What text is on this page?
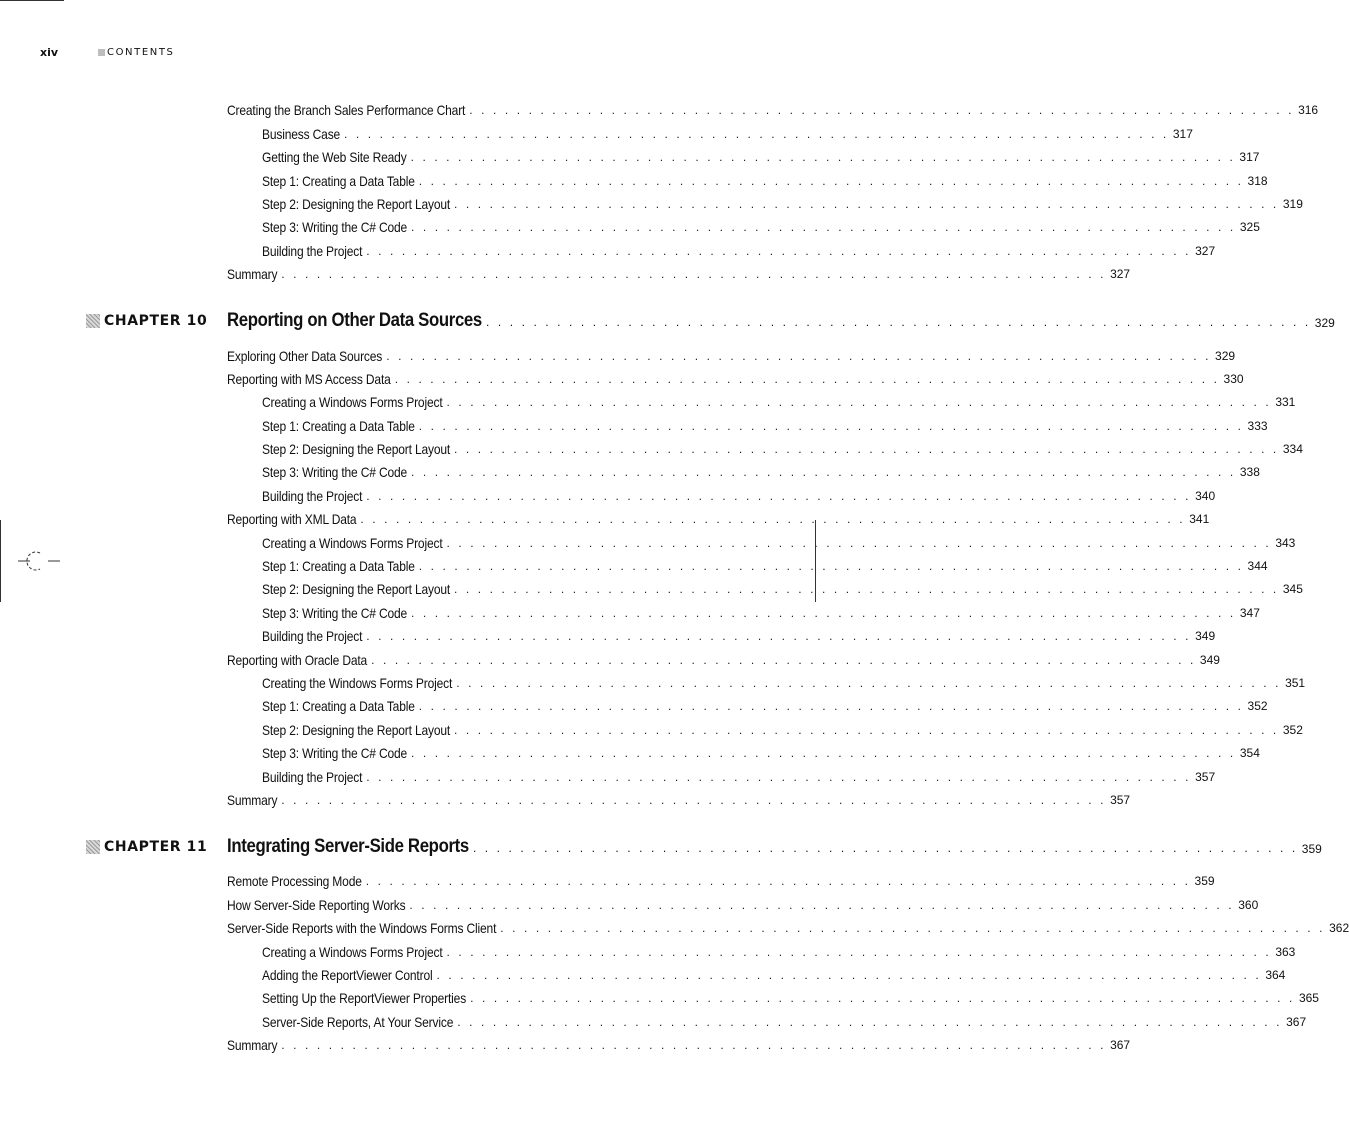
xiv	CONTENTS
Creating the Branch Sales Performance Chart . . . . . . . . . . . . . . . . . . . . . . . . . . . . . . . . . . . . . . . . . . . . . . . . . . . . . . . . . . . . . . . . . . . . . . 316
Business Case . . . . . . . . . . . . . . . . . . . . . . . . . . . . . . . . . . . . . . . . . . . . . . . . . . . . . . . . . . . . . . . . . . . . . . 317
Getting the Web Site Ready . . . . . . . . . . . . . . . . . . . . . . . . . . . . . . . . . . . . . . . . . . . . . . . . . . . . . . . . . . . . . . . . . . . . . . 317
Step 1: Creating a Data Table . . . . . . . . . . . . . . . . . . . . . . . . . . . . . . . . . . . . . . . . . . . . . . . . . . . . . . . . . . . . . . . . . . . . . . 318
Step 2: Designing the Report Layout . . . . . . . . . . . . . . . . . . . . . . . . . . . . . . . . . . . . . . . . . . . . . . . . . . . . . . . . . . . . . . . . . . . . . . 319
Step 3: Writing the C# Code . . . . . . . . . . . . . . . . . . . . . . . . . . . . . . . . . . . . . . . . . . . . . . . . . . . . . . . . . . . . . . . . . . . . . . 325
Building the Project . . . . . . . . . . . . . . . . . . . . . . . . . . . . . . . . . . . . . . . . . . . . . . . . . . . . . . . . . . . . . . . . . . . . . . 327
Summary . . . . . . . . . . . . . . . . . . . . . . . . . . . . . . . . . . . . . . . . . . . . . . . . . . . . . . . . . . . . . . . . . . . . . . 327
CHAPTER 10 Reporting on Other Data Sources . . . . . . . . . . . . . . . . . . . . . . . . . . . . . . . . . . . . . . . . . . . . . . . . . . . . . . . . . . . . . . . . . . . . . . 329
Exploring Other Data Sources . . . . . . . . . . . . . . . . . . . . . . . . . . . . . . . . . . . . . . . . . . . . . . . . . . . . . . . . . . . . . . . . . . . . . . 329
Reporting with MS Access Data . . . . . . . . . . . . . . . . . . . . . . . . . . . . . . . . . . . . . . . . . . . . . . . . . . . . . . . . . . . . . . . . . . . . . . 330
Creating a Windows Forms Project . . . . . . . . . . . . . . . . . . . . . . . . . . . . . . . . . . . . . . . . . . . . . . . . . . . . . . . . . . . . . . . . . . . . . . 331
Step 1: Creating a Data Table . . . . . . . . . . . . . . . . . . . . . . . . . . . . . . . . . . . . . . . . . . . . . . . . . . . . . . . . . . . . . . . . . . . . . . 333
Step 2: Designing the Report Layout . . . . . . . . . . . . . . . . . . . . . . . . . . . . . . . . . . . . . . . . . . . . . . . . . . . . . . . . . . . . . . . . . . . . . . 334
Step 3: Writing the C# Code . . . . . . . . . . . . . . . . . . . . . . . . . . . . . . . . . . . . . . . . . . . . . . . . . . . . . . . . . . . . . . . . . . . . . . 338
Building the Project . . . . . . . . . . . . . . . . . . . . . . . . . . . . . . . . . . . . . . . . . . . . . . . . . . . . . . . . . . . . . . . . . . . . . . 340
Reporting with XML Data . . . . . . . . . . . . . . . . . . . . . . . . . . . . . . . . . . . . . . . . . . . . . . . . . . . . . . . . . . . . . . . . . . . . . . 341
Creating a Windows Forms Project . . . . . . . . . . . . . . . . . . . . . . . . . . . . . . . . . . . . . . . . . . . . . . . . . . . . . . . . . . . . . . . . . . . . . . 343
Step 1: Creating a Data Table . . . . . . . . . . . . . . . . . . . . . . . . . . . . . . . . . . . . . . . . . . . . . . . . . . . . . . . . . . . . . . . . . . . . . . 344
Step 2: Designing the Report Layout . . . . . . . . . . . . . . . . . . . . . . . . . . . . . . . . . . . . . . . . . . . . . . . . . . . . . . . . . . . . . . . . . . . . . . 345
Step 3: Writing the C# Code . . . . . . . . . . . . . . . . . . . . . . . . . . . . . . . . . . . . . . . . . . . . . . . . . . . . . . . . . . . . . . . . . . . . . . 347
Building the Project . . . . . . . . . . . . . . . . . . . . . . . . . . . . . . . . . . . . . . . . . . . . . . . . . . . . . . . . . . . . . . . . . . . . . . 349
Reporting with Oracle Data . . . . . . . . . . . . . . . . . . . . . . . . . . . . . . . . . . . . . . . . . . . . . . . . . . . . . . . . . . . . . . . . . . . . . . 349
Creating the Windows Forms Project . . . . . . . . . . . . . . . . . . . . . . . . . . . . . . . . . . . . . . . . . . . . . . . . . . . . . . . . . . . . . . . . . . . . . . 351
Step 1: Creating a Data Table . . . . . . . . . . . . . . . . . . . . . . . . . . . . . . . . . . . . . . . . . . . . . . . . . . . . . . . . . . . . . . . . . . . . . . 352
Step 2: Designing the Report Layout . . . . . . . . . . . . . . . . . . . . . . . . . . . . . . . . . . . . . . . . . . . . . . . . . . . . . . . . . . . . . . . . . . . . . . 352
Step 3: Writing the C# Code . . . . . . . . . . . . . . . . . . . . . . . . . . . . . . . . . . . . . . . . . . . . . . . . . . . . . . . . . . . . . . . . . . . . . . 354
Building the Project . . . . . . . . . . . . . . . . . . . . . . . . . . . . . . . . . . . . . . . . . . . . . . . . . . . . . . . . . . . . . . . . . . . . . . 357
Summary . . . . . . . . . . . . . . . . . . . . . . . . . . . . . . . . . . . . . . . . . . . . . . . . . . . . . . . . . . . . . . . . . . . . . . 357
CHAPTER 11 Integrating Server-Side Reports . . . . . . . . . . . . . . . . . . . . . . . . . . . . . . . . . . . . . . . . . . . . . . . . . . . . . . . . . . . . . . . . . . . . . . 359
Remote Processing Mode . . . . . . . . . . . . . . . . . . . . . . . . . . . . . . . . . . . . . . . . . . . . . . . . . . . . . . . . . . . . . . . . . . . . . . 359
How Server-Side Reporting Works . . . . . . . . . . . . . . . . . . . . . . . . . . . . . . . . . . . . . . . . . . . . . . . . . . . . . . . . . . . . . . . . . . . . . . 360
Server-Side Reports with the Windows Forms Client . . . . . . . . . . . . . . . . . . . . . . . . . . . . . . . . . . . . . . . . . . . . . . . . . . . . . . . . . . . . . . . . . . . . . . 362
Creating a Windows Forms Project . . . . . . . . . . . . . . . . . . . . . . . . . . . . . . . . . . . . . . . . . . . . . . . . . . . . . . . . . . . . . . . . . . . . . . 363
Adding the ReportViewer Control . . . . . . . . . . . . . . . . . . . . . . . . . . . . . . . . . . . . . . . . . . . . . . . . . . . . . . . . . . . . . . . . . . . . . . 364
Setting Up the ReportViewer Properties . . . . . . . . . . . . . . . . . . . . . . . . . . . . . . . . . . . . . . . . . . . . . . . . . . . . . . . . . . . . . . . . . . . . . . 365
Server-Side Reports, At Your Service . . . . . . . . . . . . . . . . . . . . . . . . . . . . . . . . . . . . . . . . . . . . . . . . . . . . . . . . . . . . . . . . . . . . . . 367
Summary . . . . . . . . . . . . . . . . . . . . . . . . . . . . . . . . . . . . . . . . . . . . . . . . . . . . . . . . . . . . . . . . . . . . . . 367
